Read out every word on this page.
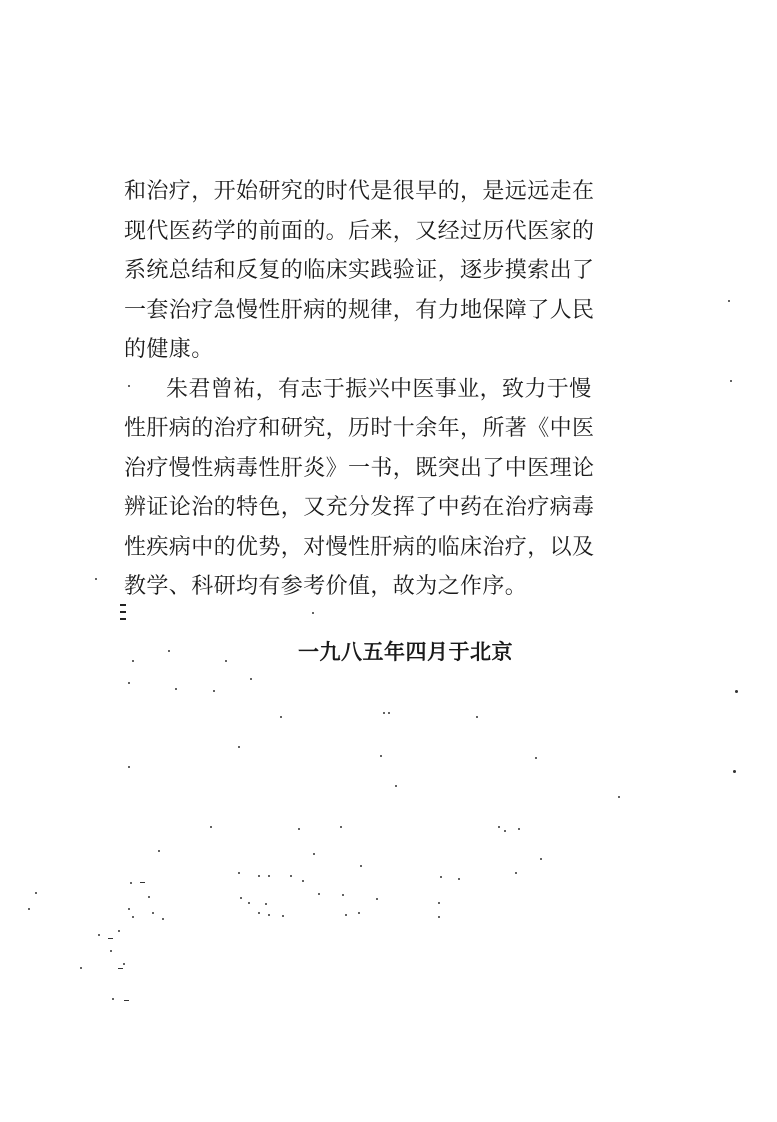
和治疗，开始研究的时代是很早的，是远远走在
现代医药学的前面的。后来，又经过历代医家的
系统总结和反复的临床实践验证，逐步摸索出了
一套治疗急慢性肝病的规律，有力地保障了人民
的健康。
朱君曾祐，有志于振兴中医事业，致力于慢
性肝病的治疗和研究，历时十余年，所著《中医
治疗慢性病毒性肝炎》一书，既突出了中医理论
辨证论治的特色，又充分发挥了中药在治疗病毒
性疾病中的优势，对慢性肝病的临床治疗，以及
教学、科研均有参考价值，故为之作序。
一九八五年四月于北京
